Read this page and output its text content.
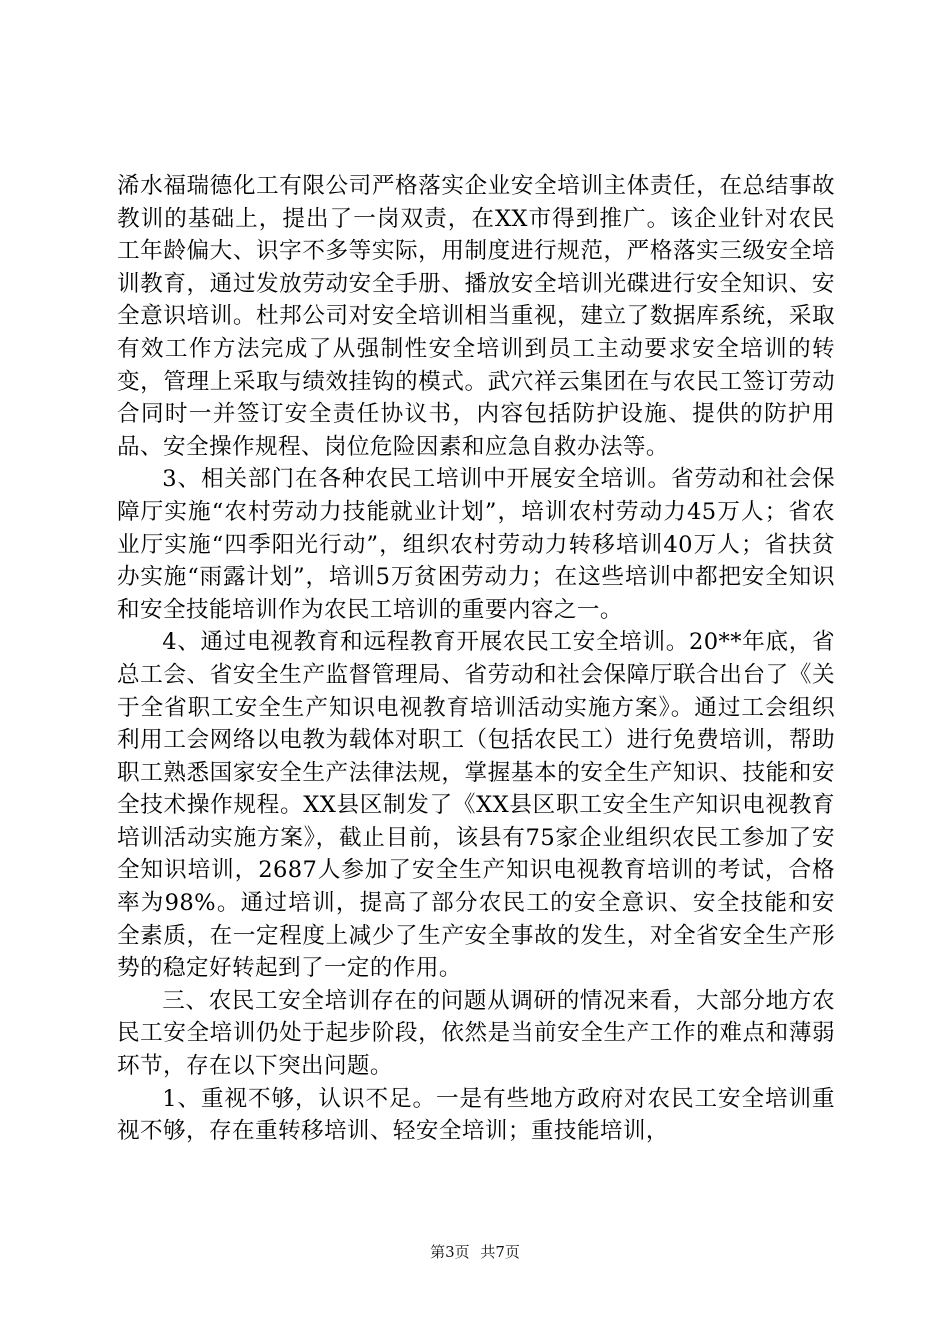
浠水福瑞德化工有限公司严格落实企业安全培训主体责任，在总结事故教训的基础上，提出了一岗双责，在XX市得到推广。该企业针对农民工年龄偏大、识字不多等实际，用制度进行规范，严格落实三级安全培训教育，通过发放劳动安全手册、播放安全培训光碟进行安全知识、安全意识培训。杜邦公司对安全培训相当重视，建立了数据库系统，采取有效工作方法完成了从强制性安全培训到员工主动要求安全培训的转变，管理上采取与绩效挂钩的模式。武穴祥云集团在与农民工签订劳动合同时一并签订安全责任协议书，内容包括防护设施、提供的防护用品、安全操作规程、岗位危险因素和应急自救办法等。

3、相关部门在各种农民工培训中开展安全培训。省劳动和社会保障厅实施“农村劳动力技能就业计划”，培训农村劳动力45万人；省农业厅实施“四季阳光行动”，组织农村劳动力转移培训40万人；省扶贫办实施“雨露计划”，培训5万贫困劳动力；在这些培训中都把安全知识和安全技能培训作为农民工培训的重要内容之一。

4、通过电视教育和远程教育开展农民工安全培训。20**年底，省总工会、省安全生产监督管理局、省劳动和社会保障厅联合出台了《关于全省职工安全生产知识电视教育培训活动实施方案》。通过工会组织利用工会网络以电教为载体对职工（包括农民工）进行免费培训，帮助职工熟悉国家安全生产法律法规，掌握基本的安全生产知识、技能和安全技术操作规程。XX县区制发了《XX县区职工安全生产知识电视教育培训活动实施方案》，截止目前，该县有75家企业组织农民工参加了安全知识培训，2687人参加了安全生产知识电视教育培训的考试，合格率为98%。通过培训，提高了部分农民工的安全意识、安全技能和安全素质，在一定程度上减少了生产安全事故的发生，对全省安全生产形势的稳定好转起到了一定的作用。

三、农民工安全培训存在的问题从调研的情况来看，大部分地方农民工安全培训仍处于起步阶段，依然是当前安全生产工作的难点和薄弱环节，存在以下突出问题。

1、重视不够，认识不足。一是有些地方政府对农民工安全培训重视不够，存在重转移培训、轻安全培训；重技能培训，

第3页 共7页
